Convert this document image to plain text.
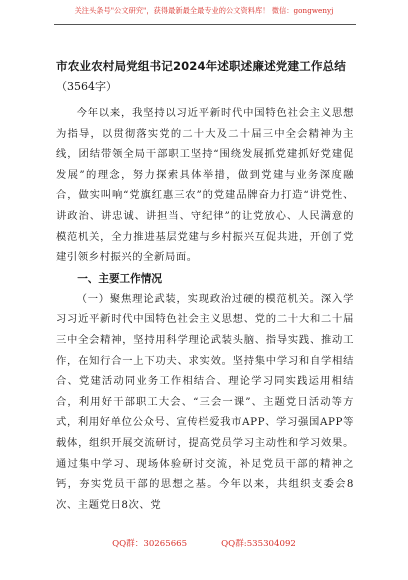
关注头条号"公文研究"，获得最新最全最专业的公文资料库！ 微信：gongwenyj

市农业农村局党组书记2024年述职述廉述党建工作总结

（3564字）

今年以来，我坚持以习近平新时代中国特色社会主义思想为指导，以贯彻落实党的二十大及二十届三中全会精神为主线，团结带领全局干部职工坚持“围绕发展抓党建抓好党建促发展”的理念，努力探索具体举措，做到党建与业务深度融合，做实叫响“党旗红惠三农”的党建品牌奋力打造“讲党性、讲政治、讲忠诚、讲担当、守纪律”的让党放心、人民满意的模范机关，全力推进基层党建与乡村振兴互促共进，开创了党建引领乡村振兴的全新局面。

一、主要工作情况

（一）聚焦理论武装，实现政治过硬的模范机关。深入学习习近平新时代中国特色社会主义思想、党的二十大和二十届三中全会精神，坚持用科学理论武装头脑、指导实践、推动工作，在知行合一上下功夫、求实效。坚持集中学习和自学相结合、党建活动同业务工作相结合、理论学习同实践运用相结合，利用好干部职工大会、“三会一课”、主题党日活动等方式，利用好单位公众号、宣传栏爱我市APP、学习强国APP等载体，组织开展交流研讨，提高党员学习主动性和学习效果。通过集中学习、现场体验研讨交流，补足党员干部的精神之钙，夯实党员干部的思想之基。今年以来，共组织支委会8次、主题党日8次、党

QQ群：30265665	QQ群:535304092
